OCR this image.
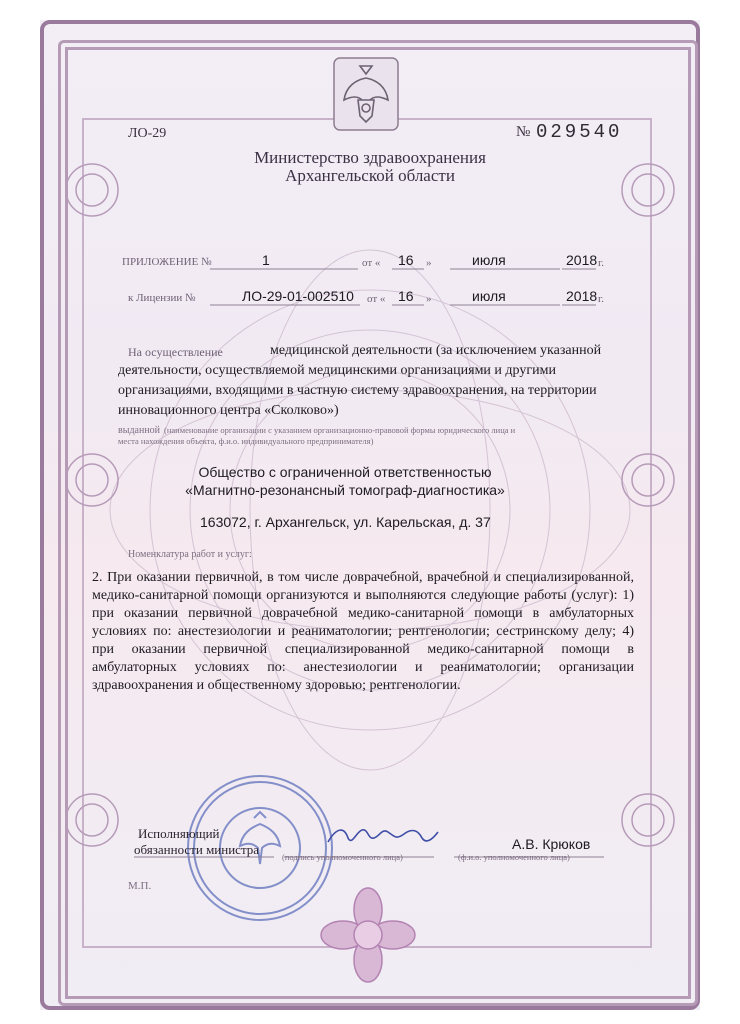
ЛО-29	№ 029540
Министерство здравоохранения
Архангельской области
ПРИЛОЖЕНИЕ №	1	от « 16 »	июля	2018 г.
к Лицензии №	ЛО-29-01-002510 от « 16 »	июля	2018 г.
На осуществление	медицинской деятельности (за исключением указанной
деятельности, осуществляемой медицинскими организациями и другими
организациями, входящими в частную систему здравоохранения, на территории
инновационного центра «Сколково»)
выданной (наименование организации с указанием организационно-правовой формы юридического лица и
места нахождения объекта, ф.и.о. индивидуального предпринимателя)
Общество с ограниченной ответственностью
«Магнитно-резонансный томограф-диагностика»
163072, г. Архангельск, ул. Карельская, д. 37
Номенклатура работ и услуг:
2. При оказании первичной, в том числе доврачебной, врачебной и специализированной, медико-санитарной помощи организуются и выполняются следующие работы (услуг): 1) при оказании первичной доврачебной медико-санитарной помощи в амбулаторных условиях по: анестезиологии и реаниматологии; рентгенологии; сестринскому делу; 4) при оказании первичной специализированной медико-санитарной помощи в амбулаторных условиях по: анестезиологии и реаниматологии; организации здравоохранения и общественному здоровью; рентгенологии.
Исполняющий
обязанности министра	(подпись уполномоченного лица)
А.В. Крюков
(ф.и.о. уполномоченного лица)
М.П.
